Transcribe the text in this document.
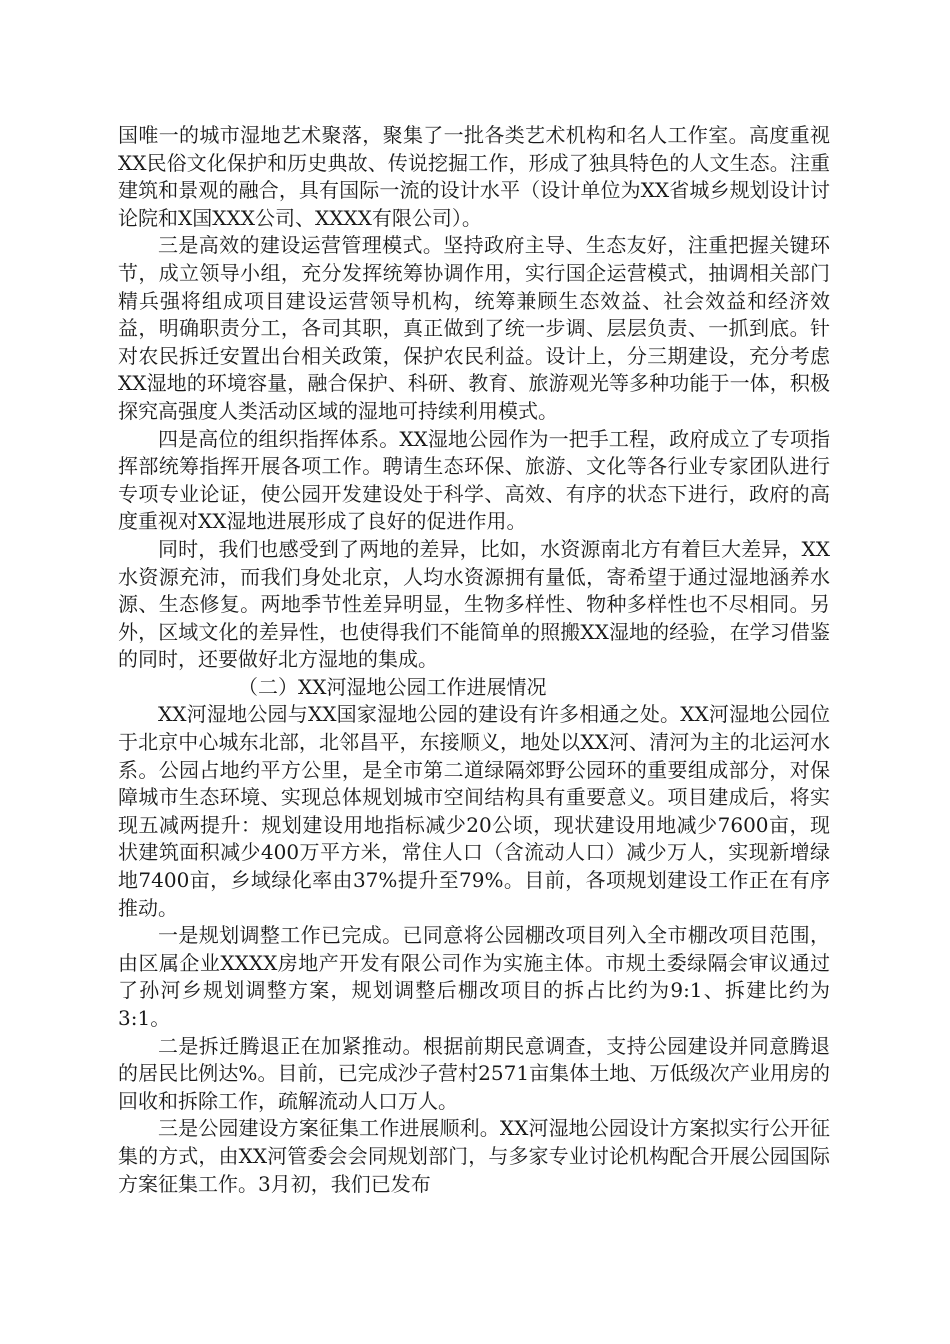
国唯一的城市湿地艺术聚落，聚集了一批各类艺术机构和名人工作室。高度重视XX民俗文化保护和历史典故、传说挖掘工作，形成了独具特色的人文生态。注重建筑和景观的融合，具有国际一流的设计水平（设计单位为XX省城乡规划设计讨论院和X国XXX公司、XXXX有限公司）。

三是高效的建设运营管理模式。坚持政府主导、生态友好，注重把握关键环节，成立领导小组，充分发挥统筹协调作用，实行国企运营模式，抽调相关部门精兵强将组成项目建设运营领导机构，统筹兼顾生态效益、社会效益和经济效益，明确职责分工，各司其职，真正做到了统一步调、层层负责、一抓到底。针对农民拆迁安置出台相关政策，保护农民利益。设计上，分三期建设，充分考虑XX湿地的环境容量，融合保护、科研、教育、旅游观光等多种功能于一体，积极探究高强度人类活动区域的湿地可持续利用模式。

四是高位的组织指挥体系。XX湿地公园作为一把手工程，政府成立了专项指挥部统筹指挥开展各项工作。聘请生态环保、旅游、文化等各行业专家团队进行专项专业论证，使公园开发建设处于科学、高效、有序的状态下进行，政府的高度重视对XX湿地进展形成了良好的促进作用。

同时，我们也感受到了两地的差异，比如，水资源南北方有着巨大差异，XX水资源充沛，而我们身处北京，人均水资源拥有量低，寄希望于通过湿地涵养水源、生态修复。两地季节性差异明显，生物多样性、物种多样性也不尽相同。另外，区域文化的差异性，也使得我们不能简单的照搬XX湿地的经验，在学习借鉴的同时，还要做好北方湿地的集成。

（二）XX河湿地公园工作进展情况

XX河湿地公园与XX国家湿地公园的建设有许多相通之处。XX河湿地公园位于北京中心城东北部，北邻昌平，东接顺义，地处以XX河、清河为主的北运河水系。公园占地约平方公里，是全市第二道绿隔郊野公园环的重要组成部分，对保障城市生态环境、实现总体规划城市空间结构具有重要意义。项目建成后，将实现五减两提升：规划建设用地指标减少20公顷，现状建设用地减少7600亩，现状建筑面积减少400万平方米，常住人口（含流动人口）减少万人，实现新增绿地7400亩，乡域绿化率由37%提升至79%。目前，各项规划建设工作正在有序推动。

一是规划调整工作已完成。已同意将公园棚改项目列入全市棚改项目范围，由区属企业XXXX房地产开发有限公司作为实施主体。市规土委绿隔会审议通过了孙河乡规划调整方案，规划调整后棚改项目的拆占比约为9:1、拆建比约为3:1。

二是拆迁腾退正在加紧推动。根据前期民意调查，支持公园建设并同意腾退的居民比例达%。目前，已完成沙子营村2571亩集体土地、万低级次产业用房的回收和拆除工作，疏解流动人口万人。

三是公园建设方案征集工作进展顺利。XX河湿地公园设计方案拟实行公开征集的方式，由XX河管委会会同规划部门，与多家专业讨论机构配合开展公园国际方案征集工作。3月初，我们已发布
